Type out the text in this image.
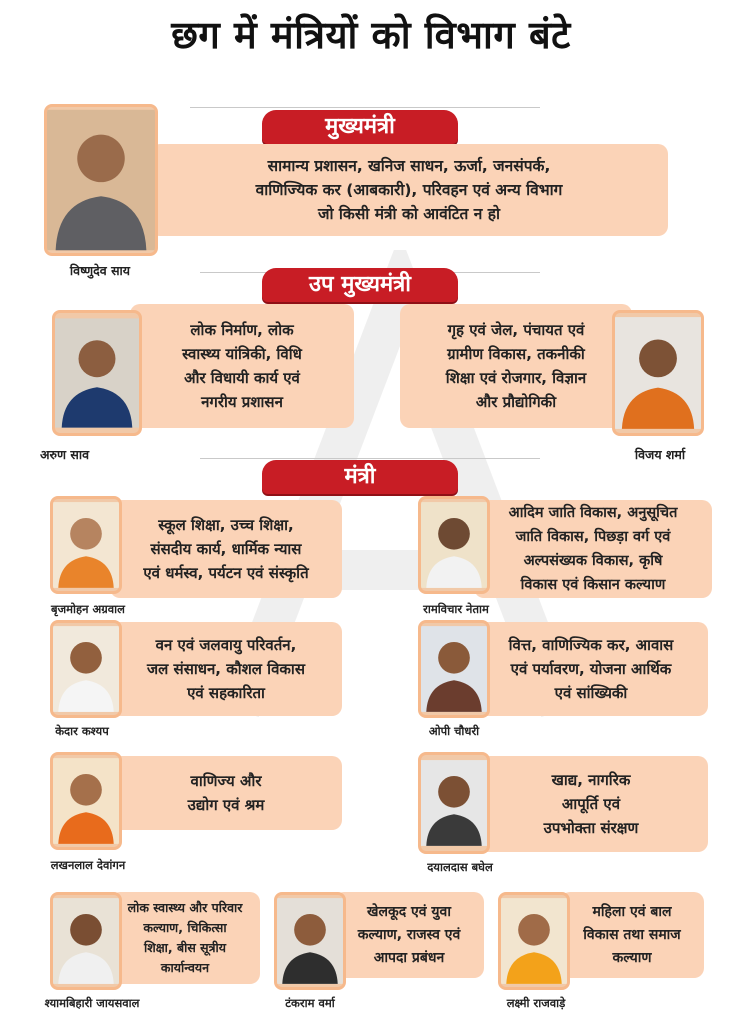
छग में मंत्रियों को विभाग बंटे
मुख्यमंत्री
सामान्य प्रशासन, खनिज साधन, ऊर्जा, जनसंपर्क,
वाणिज्यिक कर (आबकारी), परिवहन एवं अन्य विभाग
जो किसी मंत्री को आवंटित न हो
विष्णुदेव साय
उप मुख्यमंत्री
लोक निर्माण, लोक
स्वास्थ्य यांत्रिकी, विधि
और विधायी कार्य एवं
नगरीय प्रशासन
अरुण साव
गृह एवं जेल, पंचायत एवं
ग्रामीण विकास, तकनीकी
शिक्षा एवं रोजगार, विज्ञान
और प्रौद्योगिकी
विजय शर्मा
मंत्री
स्कूल शिक्षा, उच्च शिक्षा,
संसदीय कार्य, धार्मिक न्यास
एवं धर्मस्व, पर्यटन एवं संस्कृति
बृजमोहन अग्रवाल
आदिम जाति विकास, अनुसूचित
जाति विकास, पिछड़ा वर्ग एवं
अल्पसंख्यक विकास, कृषि
विकास एवं किसान कल्याण
रामविचार नेताम
वन एवं जलवायु परिवर्तन,
जल संसाधन, कौशल विकास
एवं सहकारिता
केदार कश्यप
वित्त, वाणिज्यिक कर, आवास
एवं पर्यावरण, योजना आर्थिक
एवं सांख्यिकी
ओपी चौधरी
वाणिज्य और
उद्योग एवं श्रम
लखनलाल देवांगन
खाद्य, नागरिक
आपूर्ति एवं
उपभोक्ता संरक्षण
दयालदास बघेल
लोक स्वास्थ्य और परिवार
कल्याण, चिकित्सा
शिक्षा, बीस सूत्रीय
कार्यान्वयन
श्यामबिहारी जायसवाल
खेलकूद एवं युवा
कल्याण, राजस्व एवं
आपदा प्रबंधन
टंकराम वर्मा
महिला एवं बाल
विकास तथा समाज
कल्याण
लक्ष्मी राजवाड़े
